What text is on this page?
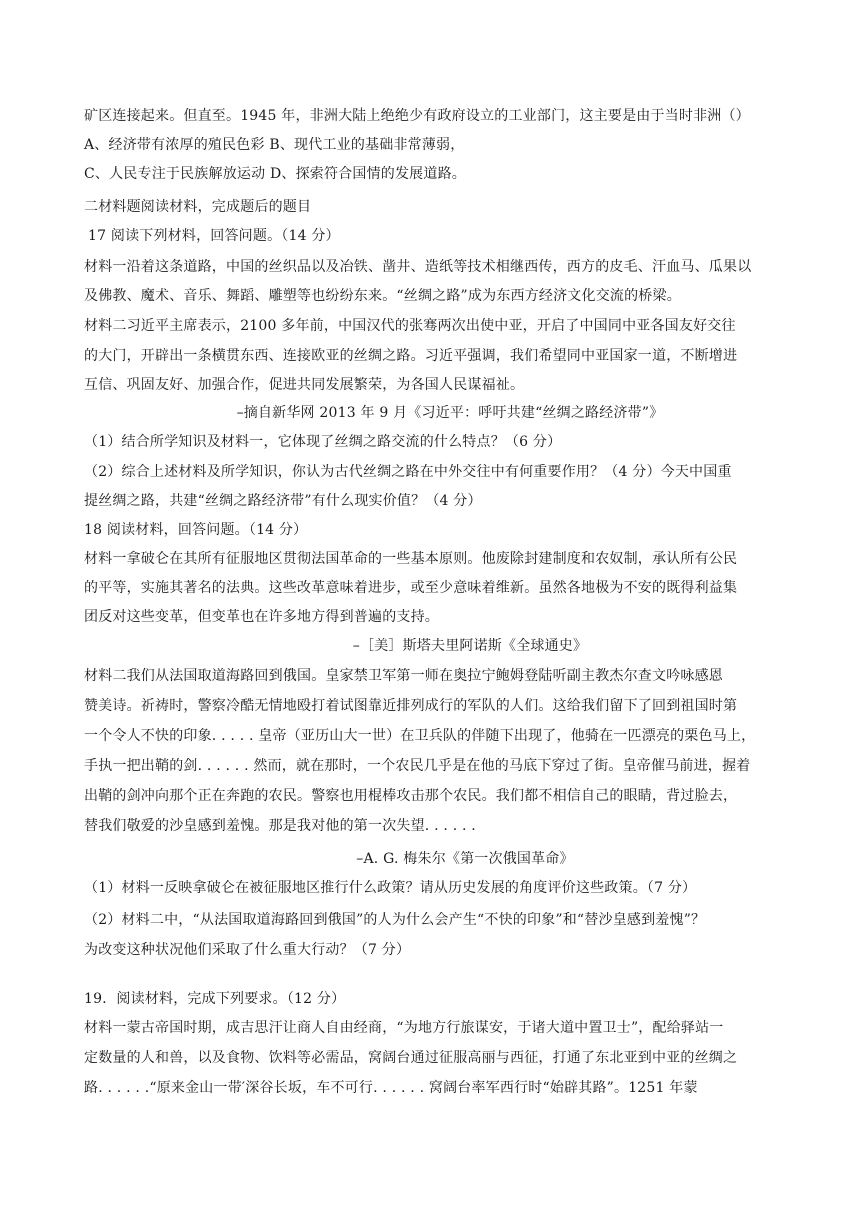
矿区连接起来。但直至。1945 年，非洲大陆上绝绝少有政府设立的工业部门，这主要是由于当时非洲（）
A、经济带有浓厚的殖民色彩 B、现代工业的基础非常薄弱，
C、人民专注于民族解放运动 D、探索符合国情的发展道路。
二材料题阅读材料，完成题后的题目
17 阅读下列材料，回答问题。（14 分）
材料一沿着这条道路，中国的丝织品以及冶铁、凿井、造纸等技术相继西传，西方的皮毛、汗血马、瓜果以
及佛教、魔术、音乐、舞蹈、雕塑等也纷纷东来。“丝绸之路”成为东西方经济文化交流的桥梁。
材料二习近平主席表示，2100 多年前，中国汉代的张骞两次出使中亚，开启了中国同中亚各国友好交往
的大门，开辟出一条横贯东西、连接欧亚的丝绸之路。习近平强调，我们希望同中亚国家一道，不断增进
互信、巩固友好、加强合作，促进共同发展繁荣，为各国人民谋福祉。
–摘自新华网 2013 年 9 月《习近平：呼吁共建“丝绸之路经济带”》
（1）结合所学知识及材料一，它体现了丝绸之路交流的什么特点？（6 分）
（2）综合上述材料及所学知识，你认为古代丝绸之路在中外交往中有何重要作用？（4 分）今天中国重
提丝绸之路，共建“丝绸之路经济带”有什么现实价值？（4 分）
18 阅读材料，回答问题。（14 分）
材料一拿破仑在其所有征服地区贯彻法国革命的一些基本原则。他废除封建制度和农奴制，承认所有公民
的平等，实施其著名的法典。这些改革意味着进步，或至少意味着维新。虽然各地极为不安的既得利益集
团反对这些变革，但变革也在许多地方得到普遍的支持。
–［美］斯塔夫里阿诺斯《全球通史》
材料二我们从法国取道海路回到俄国。皇家禁卫军第一师在奥拉宁鲍姆登陆听副主教杰尔查文吟咏感恩
赞美诗。祈祷时，警察冷酷无情地殴打着试图靠近排列成行的军队的人们。这给我们留下了回到祖国时第
一个令人不快的印象. . . . . 皇帝（亚历山大一世）在卫兵队的伴随下出现了，他骑在一匹漂亮的栗色马上，
手执一把出鞘的剑. . . . . . 然而，就在那时，一个农民几乎是在他的马底下穿过了街。皇帝催马前进，握着
出鞘的剑冲向那个正在奔跑的农民。警察也用棍棒攻击那个农民。我们都不相信自己的眼睛，背过脸去，
替我们敬爱的沙皇感到羞愧。那是我对他的第一次失望. . . . . .
–A. G. 梅朱尔《第一次俄国革命》
（1）材料一反映拿破仑在被征服地区推行什么政策？请从历史发展的角度评价这些政策。（7 分）
（2）材料二中，“从法国取道海路回到俄国”的人为什么会产生“不快的印象”和“替沙皇感到羞愧”？
为改变这种状况他们采取了什么重大行动？（7 分）
19．阅读材料，完成下列要求。（12 分）
材料一蒙古帝国时期，成吉思汗让商人自由经商，“为地方行旅谋安，于诸大道中置卫士”，配给驿站一
定数量的人和兽，以及食物、饮料等必需品，窝阔台通过征服高丽与西征，打通了东北亚到中亚的丝绸之
路. . . . . .“原来金山一带′深谷长坂，车不可行. . . . . . 窝阔台率军西行时“始辟其路”。1251 年蒙
